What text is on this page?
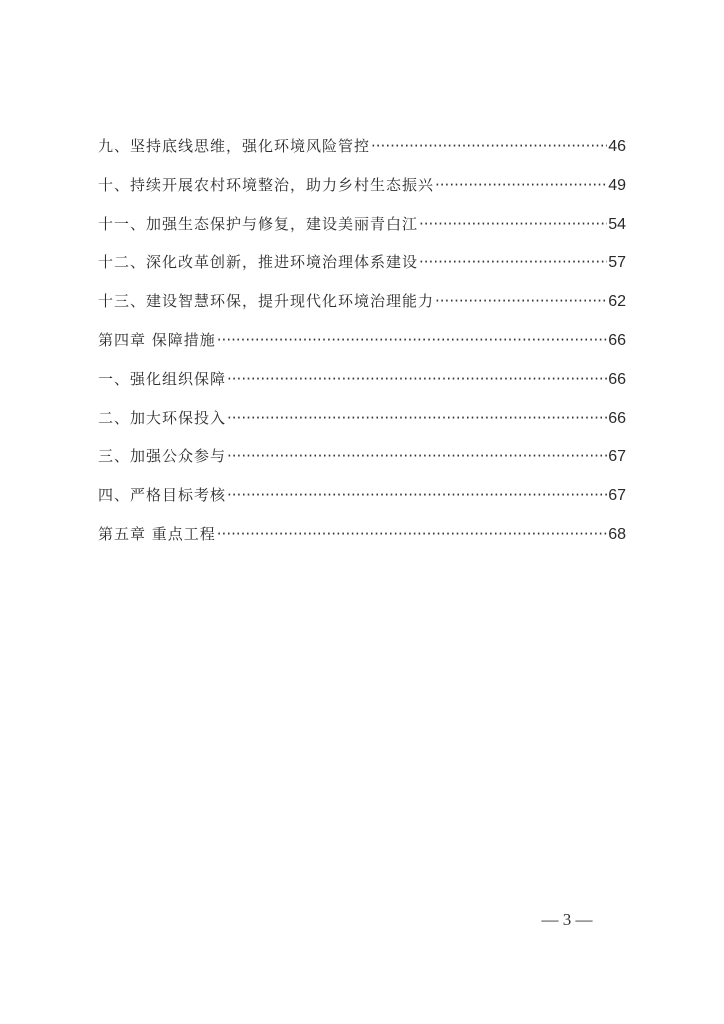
九、坚持底线思维，强化环境风险管控 ·····	46
十、持续开展农村环境整治，助力乡村生态振兴 ·····	49
十一、加强生态保护与修复，建设美丽青白江 ·····	54
十二、深化改革创新，推进环境治理体系建设 ·····	57
十三、建设智慧环保，提升现代化环境治理能力 ·····	62
第四章 保障措施 ·····	66
一、强化组织保障 ·····	66
二、加大环保投入 ·····	66
三、加强公众参与 ·····	67
四、严格目标考核 ·····	67
第五章 重点工程 ·····	68
— 3 —
